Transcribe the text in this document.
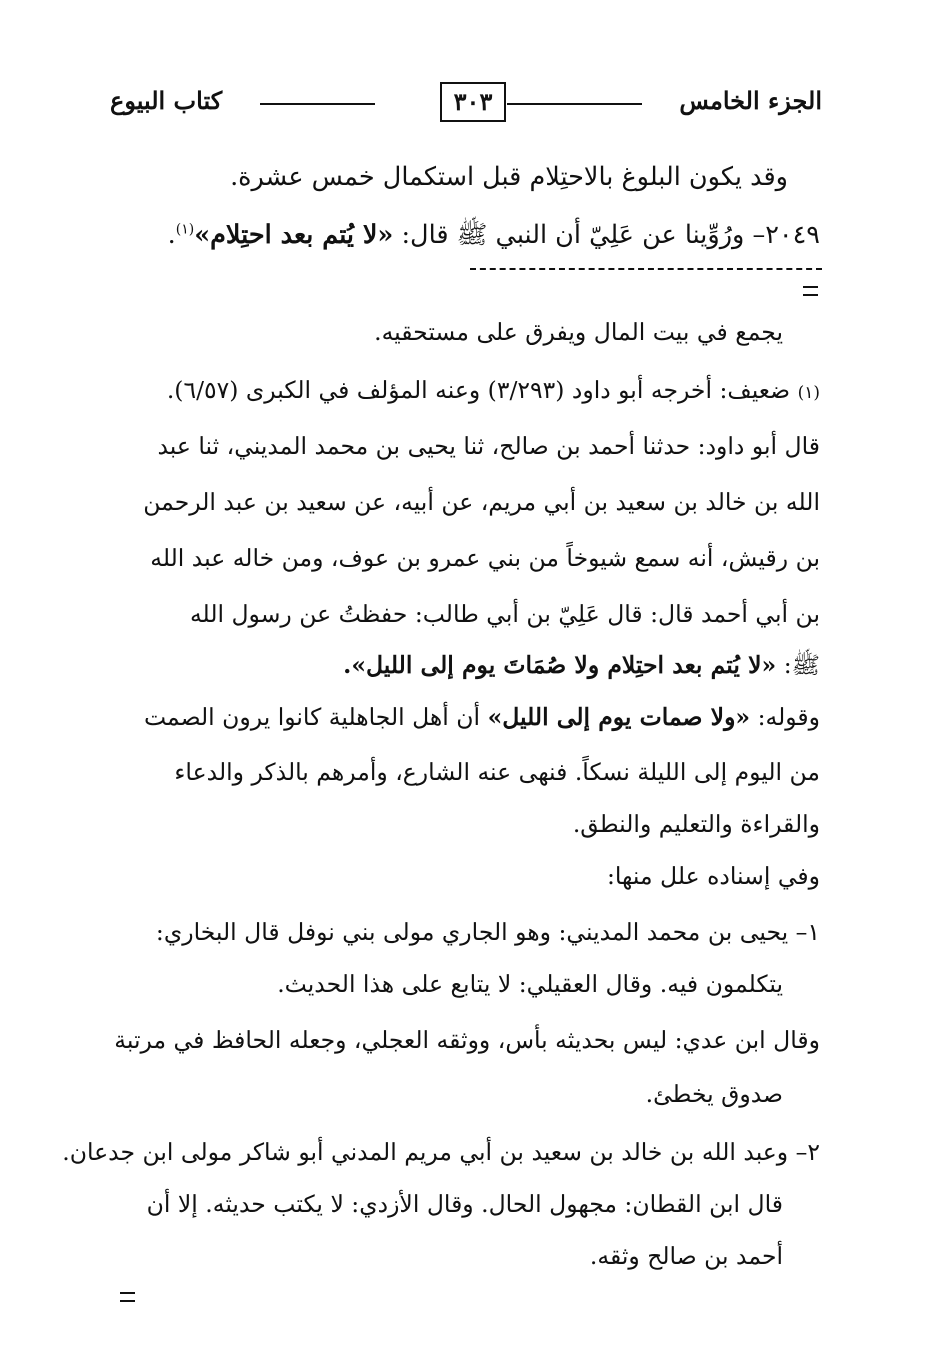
الجزء الخامس
٣٠٣
كتاب البيوع
وقد يكون البلوغ بالاحتِلام قبل استكمال خمس عشرة.
٢٠٤٩– ورُوِّينا عن عَلِيّ أن النبي ﷺ قال: «لا يُتم بعد احتِلام»$^{(١)}$.
يجمع في بيت المال ويفرق على مستحقيه.
(١) ضعيف: أخرجه أبو داود (٣/٢٩٣) وعنه المؤلف في الكبرى (٦/٥٧).
قال أبو داود: حدثنا أحمد بن صالح، ثنا يحيى بن محمد المديني، ثنا عبد
الله بن خالد بن سعيد بن أبي مريم، عن أبيه، عن سعيد بن عبد الرحمن
بن رقيش، أنه سمع شيوخاً من بني عمرو بن عوف، ومن خاله عبد الله
بن أبي أحمد قال: قال عَلِيّ بن أبي طالب: حفظتُ عن رسول الله
ﷺ: «لا يُتم بعد احتِلام ولا صُمَاتَ يوم إلى الليل».
وقوله: «ولا صمات يوم إلى الليل» أن أهل الجاهلية كانوا يرون الصمت
من اليوم إلى الليلة نسكاً. فنهى عنه الشارع، وأمرهم بالذكر والدعاء
والقراءة والتعليم والنطق.
وفي إسناده علل منها:
١– يحيى بن محمد المديني: وهو الجاري مولى بني نوفل قال البخاري:
يتكلمون فيه. وقال العقيلي: لا يتابع على هذا الحديث.
وقال ابن عدي: ليس بحديثه بأس، ووثقه العجلي، وجعله الحافظ في مرتبة
صدوق يخطئ.
٢– وعبد الله بن خالد بن سعيد بن أبي مريم المدني أبو شاكر مولى ابن جدعان.
قال ابن القطان: مجهول الحال. وقال الأزدي: لا يكتب حديثه. إلا أن
أحمد بن صالح وثقه.
